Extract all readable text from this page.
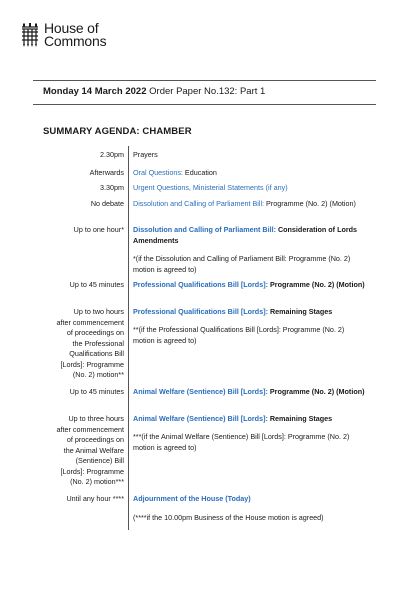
House of
Commons
Monday 14 March 2022 Order Paper No.132: Part 1
SUMMARY AGENDA: CHAMBER
2.30pm Prayers
Afterwards Oral Questions: Education
3.30pm Urgent Questions, Ministerial Statements (if any)
No debate Dissolution and Calling of Parliament Bill: Programme (No. 2) (Motion)
Up to one hour* Dissolution and Calling of Parliament Bill: Consideration of Lords Amendments
*(if the Dissolution and Calling of Parliament Bill: Programme (No. 2) motion is agreed to)
Up to 45 minutes Professional Qualifications Bill [Lords]: Programme (No. 2) (Motion)
Up to two hours
after commencement
of proceedings on
the Professional
Qualifications Bill
[Lords]: Programme
(No. 2) motion**
Professional Qualifications Bill [Lords]: Remaining Stages
**(if the Professional Qualifications Bill [Lords]: Programme (No. 2) motion is agreed to)
Up to 45 minutes Animal Welfare (Sentience) Bill [Lords]: Programme (No. 2) (Motion)
Up to three hours
after commencement
of proceedings on
the Animal Welfare
(Sentience) Bill
[Lords]: Programme
(No. 2) motion***
Animal Welfare (Sentience) Bill [Lords]: Remaining Stages
***(if the Animal Welfare (Sentience) Bill [Lords]: Programme (No. 2) motion is agreed to)
Until any hour **** Adjournment of the House (Today)
(****if the 10.00pm Business of the House motion is agreed)
